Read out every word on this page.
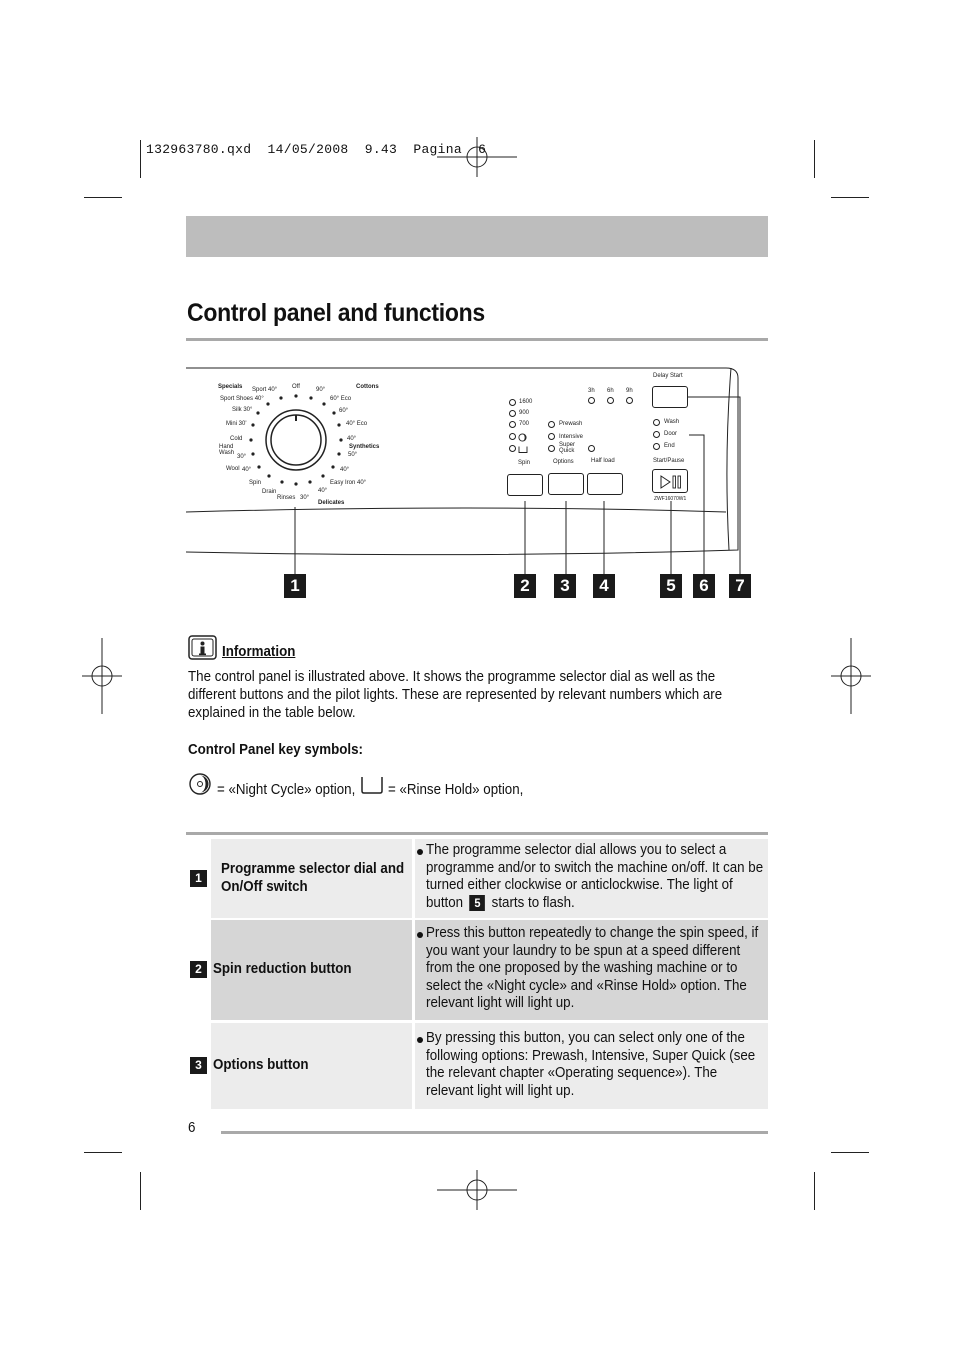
132963780.qxd  14/05/2008  9.43  Pagina  6
Control panel and functions
Specials Sport 40° Off	90°	Cottons
Sport Shoes 40°	60° Eco
Silk 30°	60°
Mini 30'	40° Eco
Cold	40°
Hand Wash
Synthetics
30°	50°
Wool 40°	40°
Spin	Easy Iron 40°
Drain	40°
Rinses 30°
Delicates
1600
900
700
Spin
Prewash
Intensive
Super Quick
Options	Half load
3h 6h 9h
Delay Start
Wash
Door
End
Start/Pause
ZWF16070W1
1	2	3	4	5	6	7
Information
The control panel is illustrated above. It shows the programme selector dial as well as the different buttons and the pilot lights. These are represented by relevant numbers which are explained in the table below.
Control Panel key symbols:
= «Night Cycle» option, = «Rinse Hold» option,
1
Programme selector dial and On/Off switch
The programme selector dial allows you to select a programme and/or to switch the machine on/off. It can be turned either clockwise or anticlockwise. The light of button 5 starts to flash.
2 Spin reduction button
Press this button repeatedly to change the spin speed, if you want your laundry to be spun at a speed different from the one proposed by the washing machine or to select the «Night cycle» and «Rinse Hold» option. The relevant light will light up.
3 Options button
By pressing this button, you can select only one of the following options: Prewash, Intensive, Super Quick (see the relevant chapter «Operating sequence»). The relevant light will light up.
6
